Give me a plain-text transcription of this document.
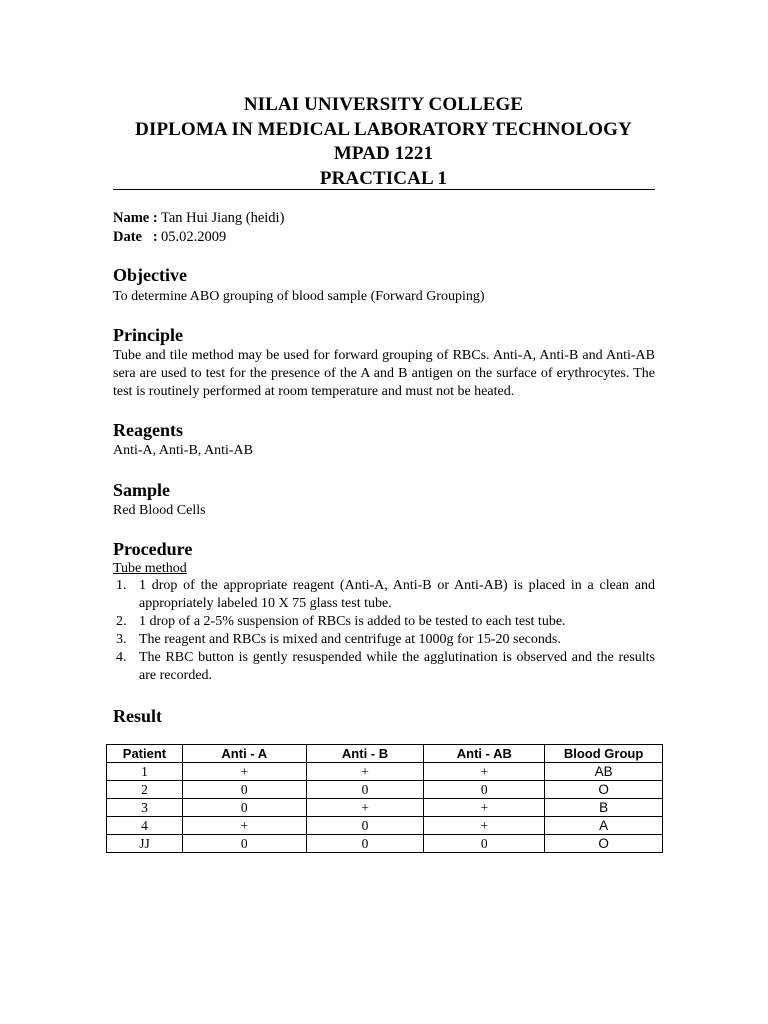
NILAI UNIVERSITY COLLEGE
DIPLOMA IN MEDICAL LABORATORY TECHNOLOGY
MPAD 1221
PRACTICAL 1
Name : Tan Hui Jiang (heidi)
Date   : 05.02.2009
Objective
To determine ABO grouping of blood sample (Forward Grouping)
Principle
Tube and tile method may be used for forward grouping of RBCs. Anti-A, Anti-B and Anti-AB sera are used to test for the presence of the A and B antigen on the surface of erythrocytes. The test is routinely performed at room temperature and must not be heated.
Reagents
Anti-A, Anti-B, Anti-AB
Sample
Red Blood Cells
Procedure
Tube method
1. 1 drop of the appropriate reagent (Anti-A, Anti-B or Anti-AB) is placed in a clean and appropriately labeled 10 X 75 glass test tube.
2. 1 drop of a 2-5% suspension of RBCs is added to be tested to each test tube.
3. The reagent and RBCs is mixed and centrifuge at 1000g for 15-20 seconds.
4. The RBC button is gently resuspended while the agglutination is observed and the results are recorded.
Result
Patient	Anti - A	Anti - B	Anti - AB	Blood Group
1	+	+	+	AB
2	0	0	0	O
3	0	+	+	B
4	+	0	+	A
JJ	0	0	0	O
